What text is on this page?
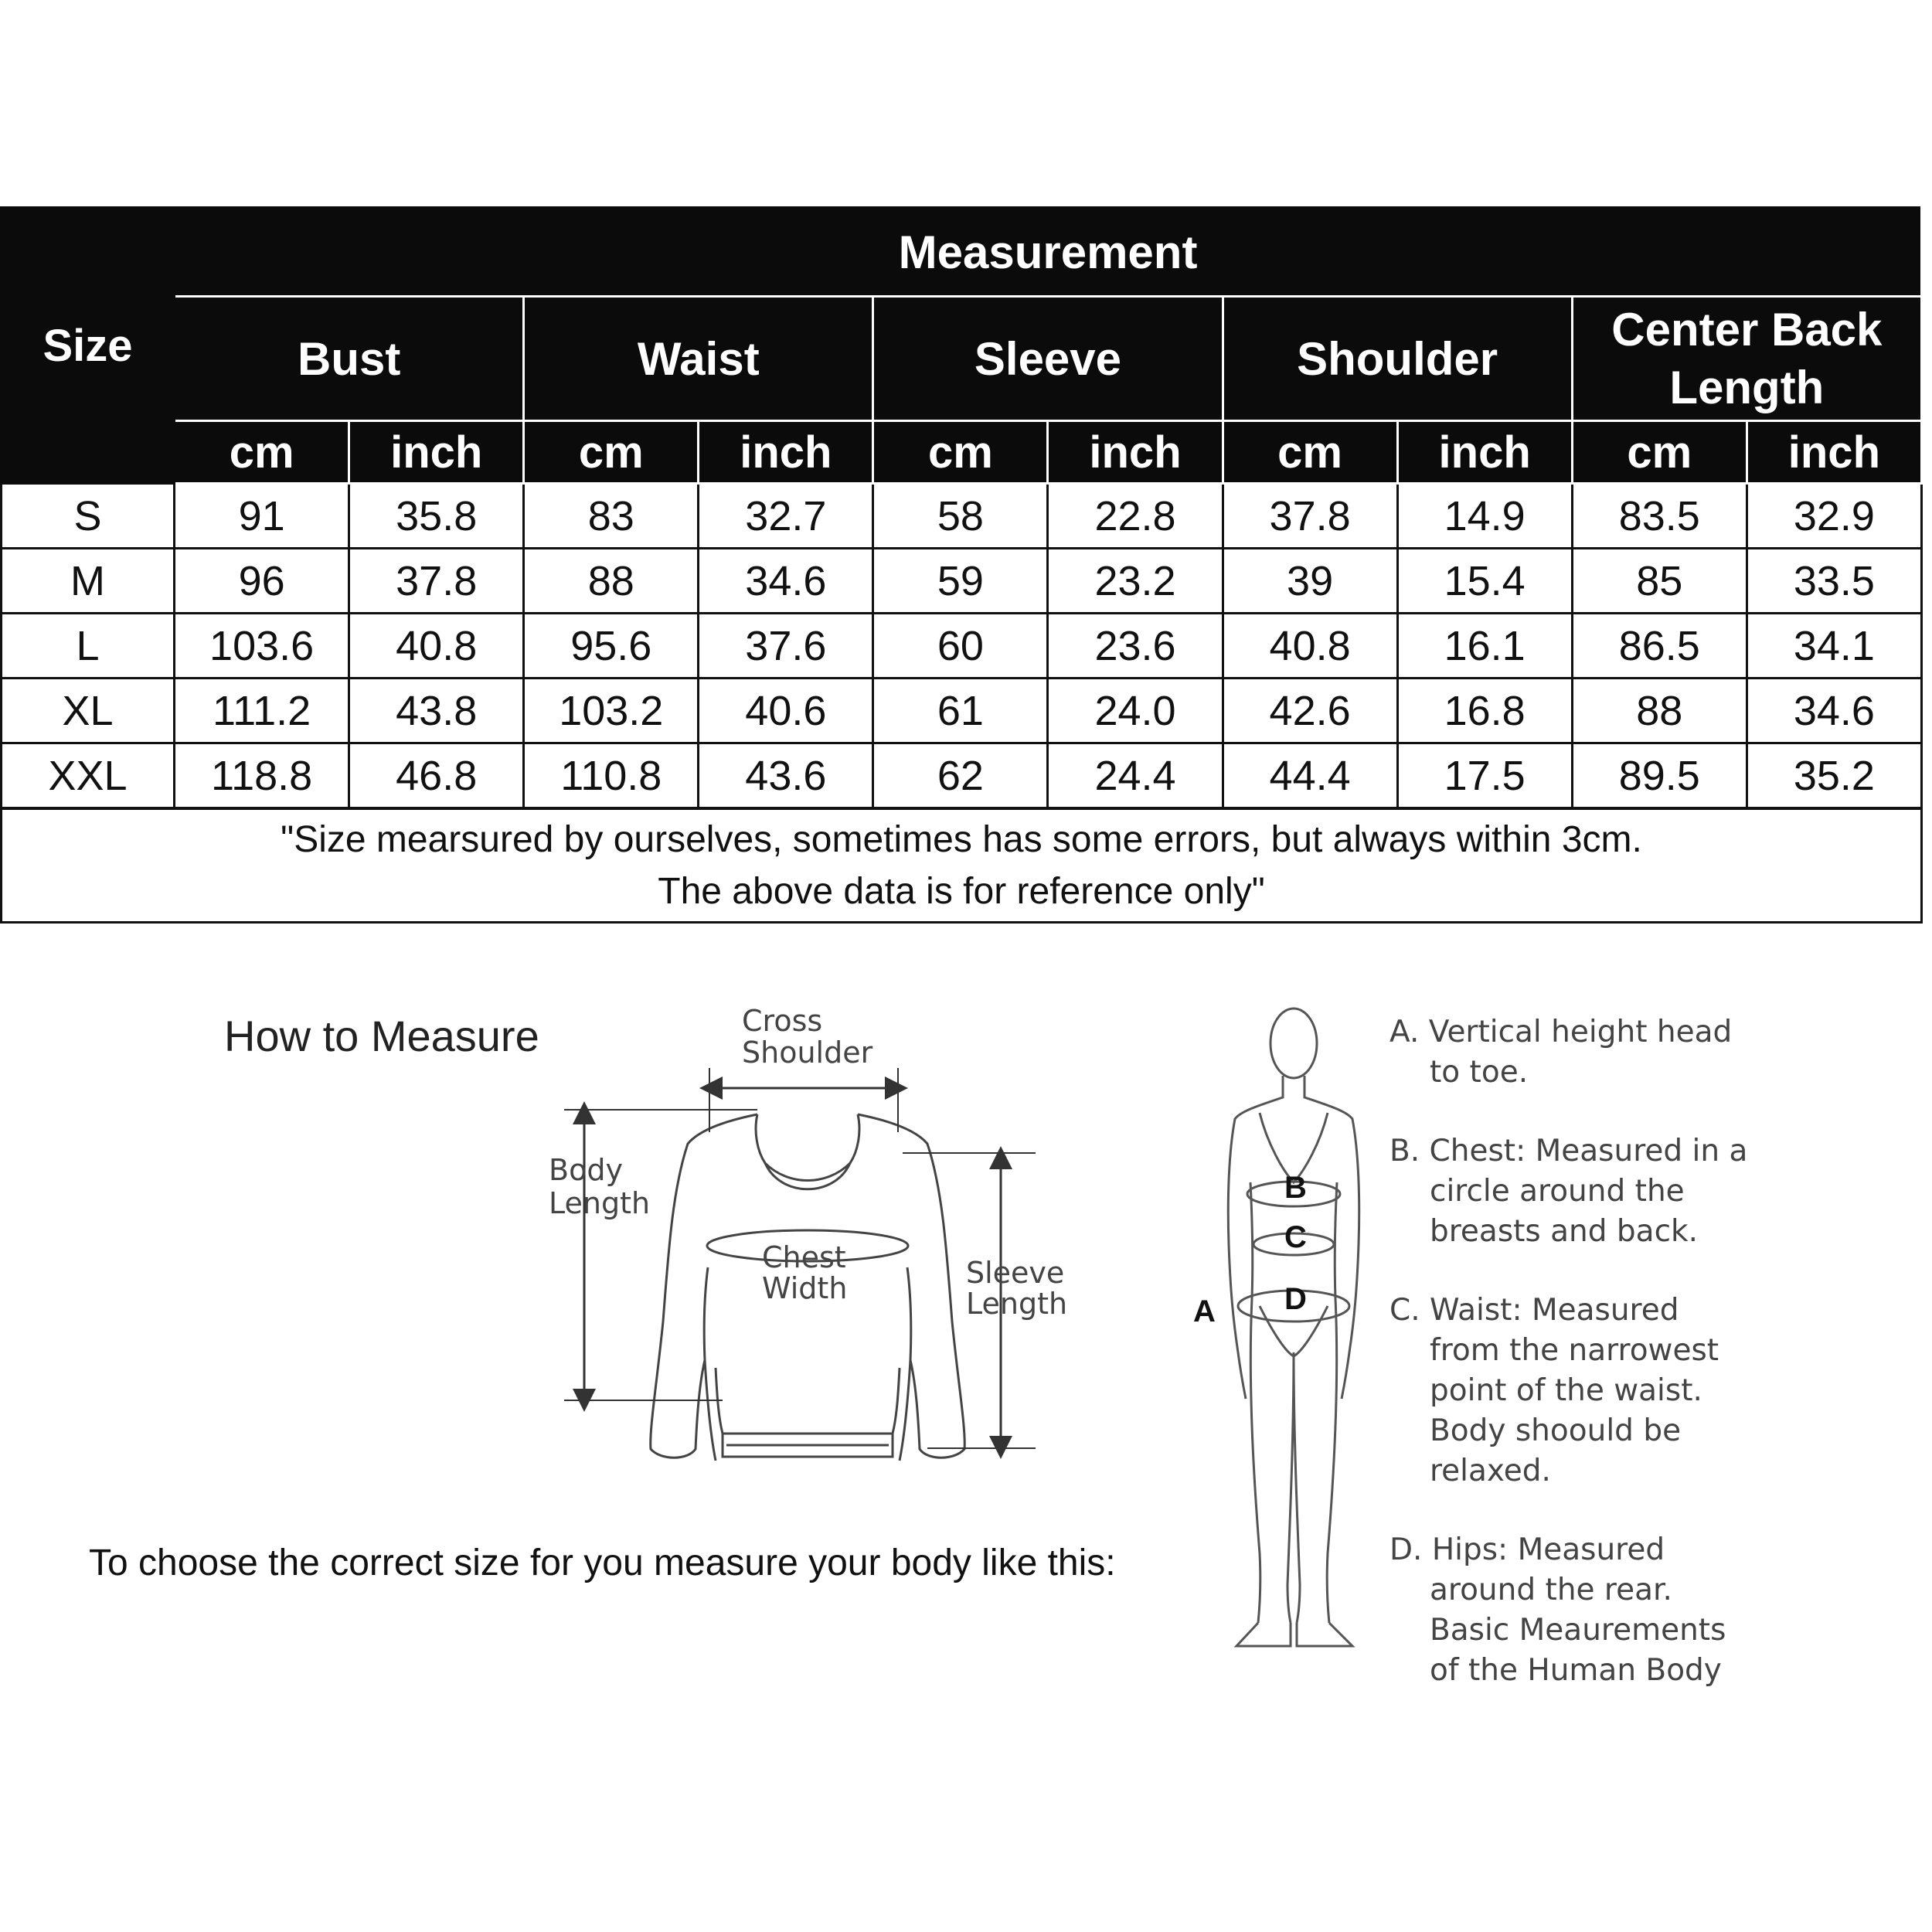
Size	Measurement									
	Bust		Waist		Sleeve		Shoulder		Center Back Length	
	cm	inch	cm	inch	cm	inch	cm	inch	cm	inch
S	91	35.8	83	32.7	58	22.8	37.8	14.9	83.5	32.9
M	96	37.8	88	34.6	59	23.2	39	15.4	85	33.5
L	103.6	40.8	95.6	37.6	60	23.6	40.8	16.1	86.5	34.1
XL	111.2	43.8	103.2	40.6	61	24.0	42.6	16.8	88	34.6
XXL	118.8	46.8	110.8	43.6	62	24.4	44.4	17.5	89.5	35.2

"Size mearsured by ourselves, sometimes has some errors, but always within 3cm.
The above data is for reference only"										
How to Measure	Cross
Shoulder
Body
Length
Chest
Width	Sleeve
Length
To choose the correct size for you measure your body like this:
B
C
D
A
A. Vertical height head
to toe.
B. Chest: Measured in a
circle around the
breasts and back.
C. Waist: Measured
from the narrowest
point of the waist.
Body shoould be
relaxed.
D. Hips: Measured
around the rear.
Basic Meaurements
of the Human Body
